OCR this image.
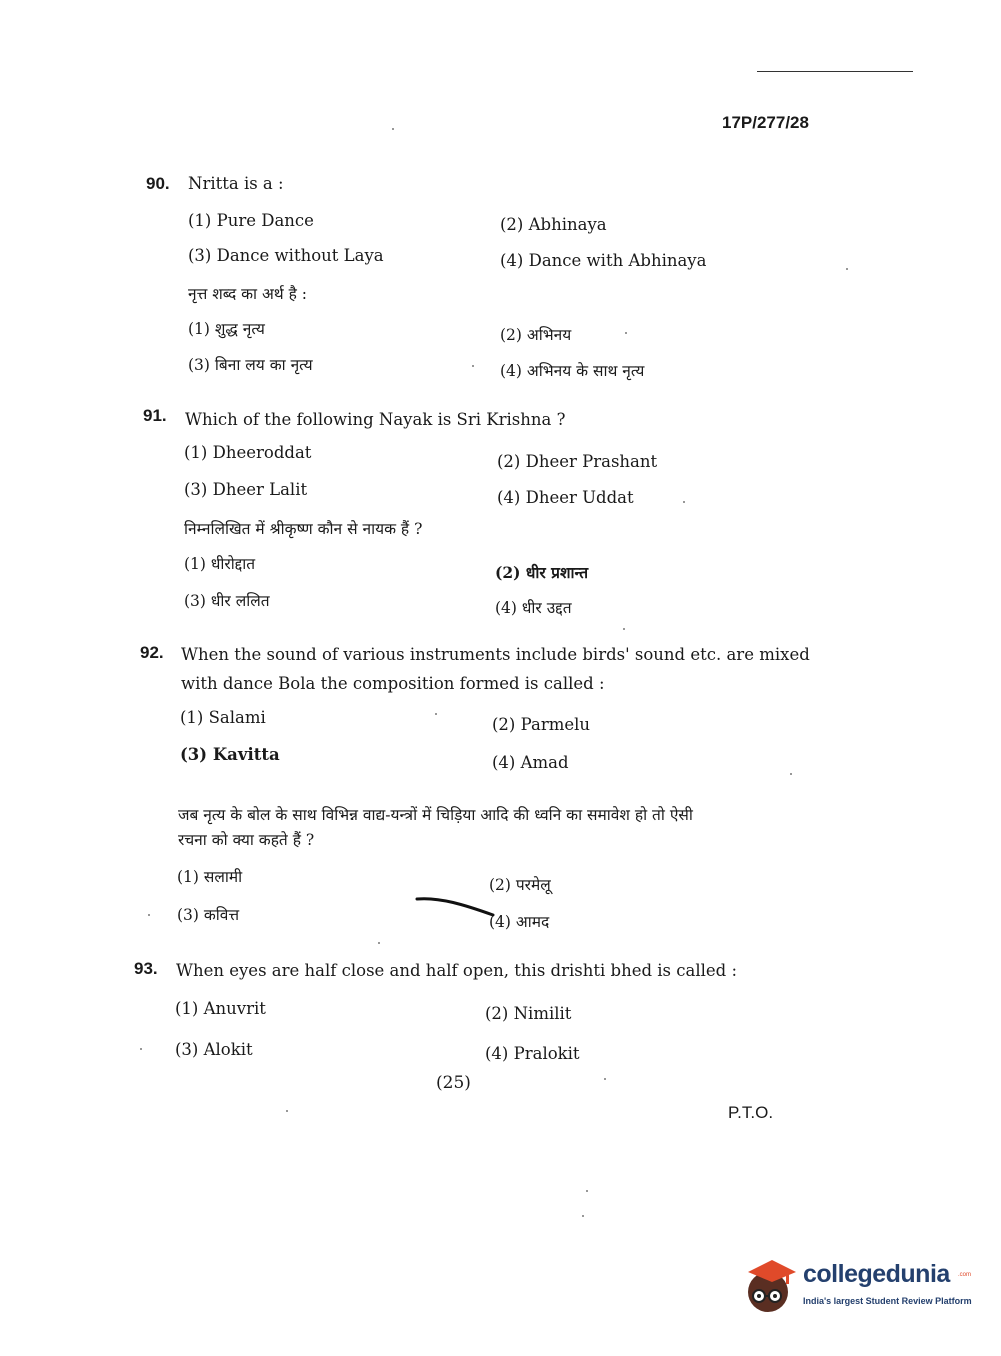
17P/277/28
90. Nritta is a :
(1) Pure Dance	(2) Abhinaya
(3) Dance without Laya	(4) Dance with Abhinaya
नृत्त शब्द का अर्थ है :
(1) शुद्ध नृत्य	(2) अभिनय
(3) बिना लय का नृत्य	(4) अभिनय के साथ नृत्य
91. Which of the following Nayak is Sri Krishna ?
(1) Dheeroddat	(2) Dheer Prashant
(3) Dheer Lalit	(4) Dheer Uddat
निम्नलिखित में श्रीकृष्ण कौन से नायक हैं ?
(1) धीरोद्दात	(2) धीर प्रशान्त
(3) धीर ललित	(4) धीर उद्दत
92. When the sound of various instruments include birds' sound etc. are mixed
with dance Bola the composition formed is called :
(1) Salami	(2) Parmelu
(3) Kavitta	(4) Amad
जब नृत्य के बोल के साथ विभिन्न वाद्य-यन्त्रों में चिड़िया आदि की ध्वनि का समावेश हो तो ऐसी
रचना को क्या कहते हैं ?
(1) सलामी	(2) परमेलू
(3) कवित्त	(4) आमद
93. When eyes are half close and half open, this drishti bhed is called :
(1) Anuvrit	(2) Nimilit
(3) Alokit	(4) Pralokit
(25)
P.T.O.
collegedunia .com
India's largest Student Review Platform
